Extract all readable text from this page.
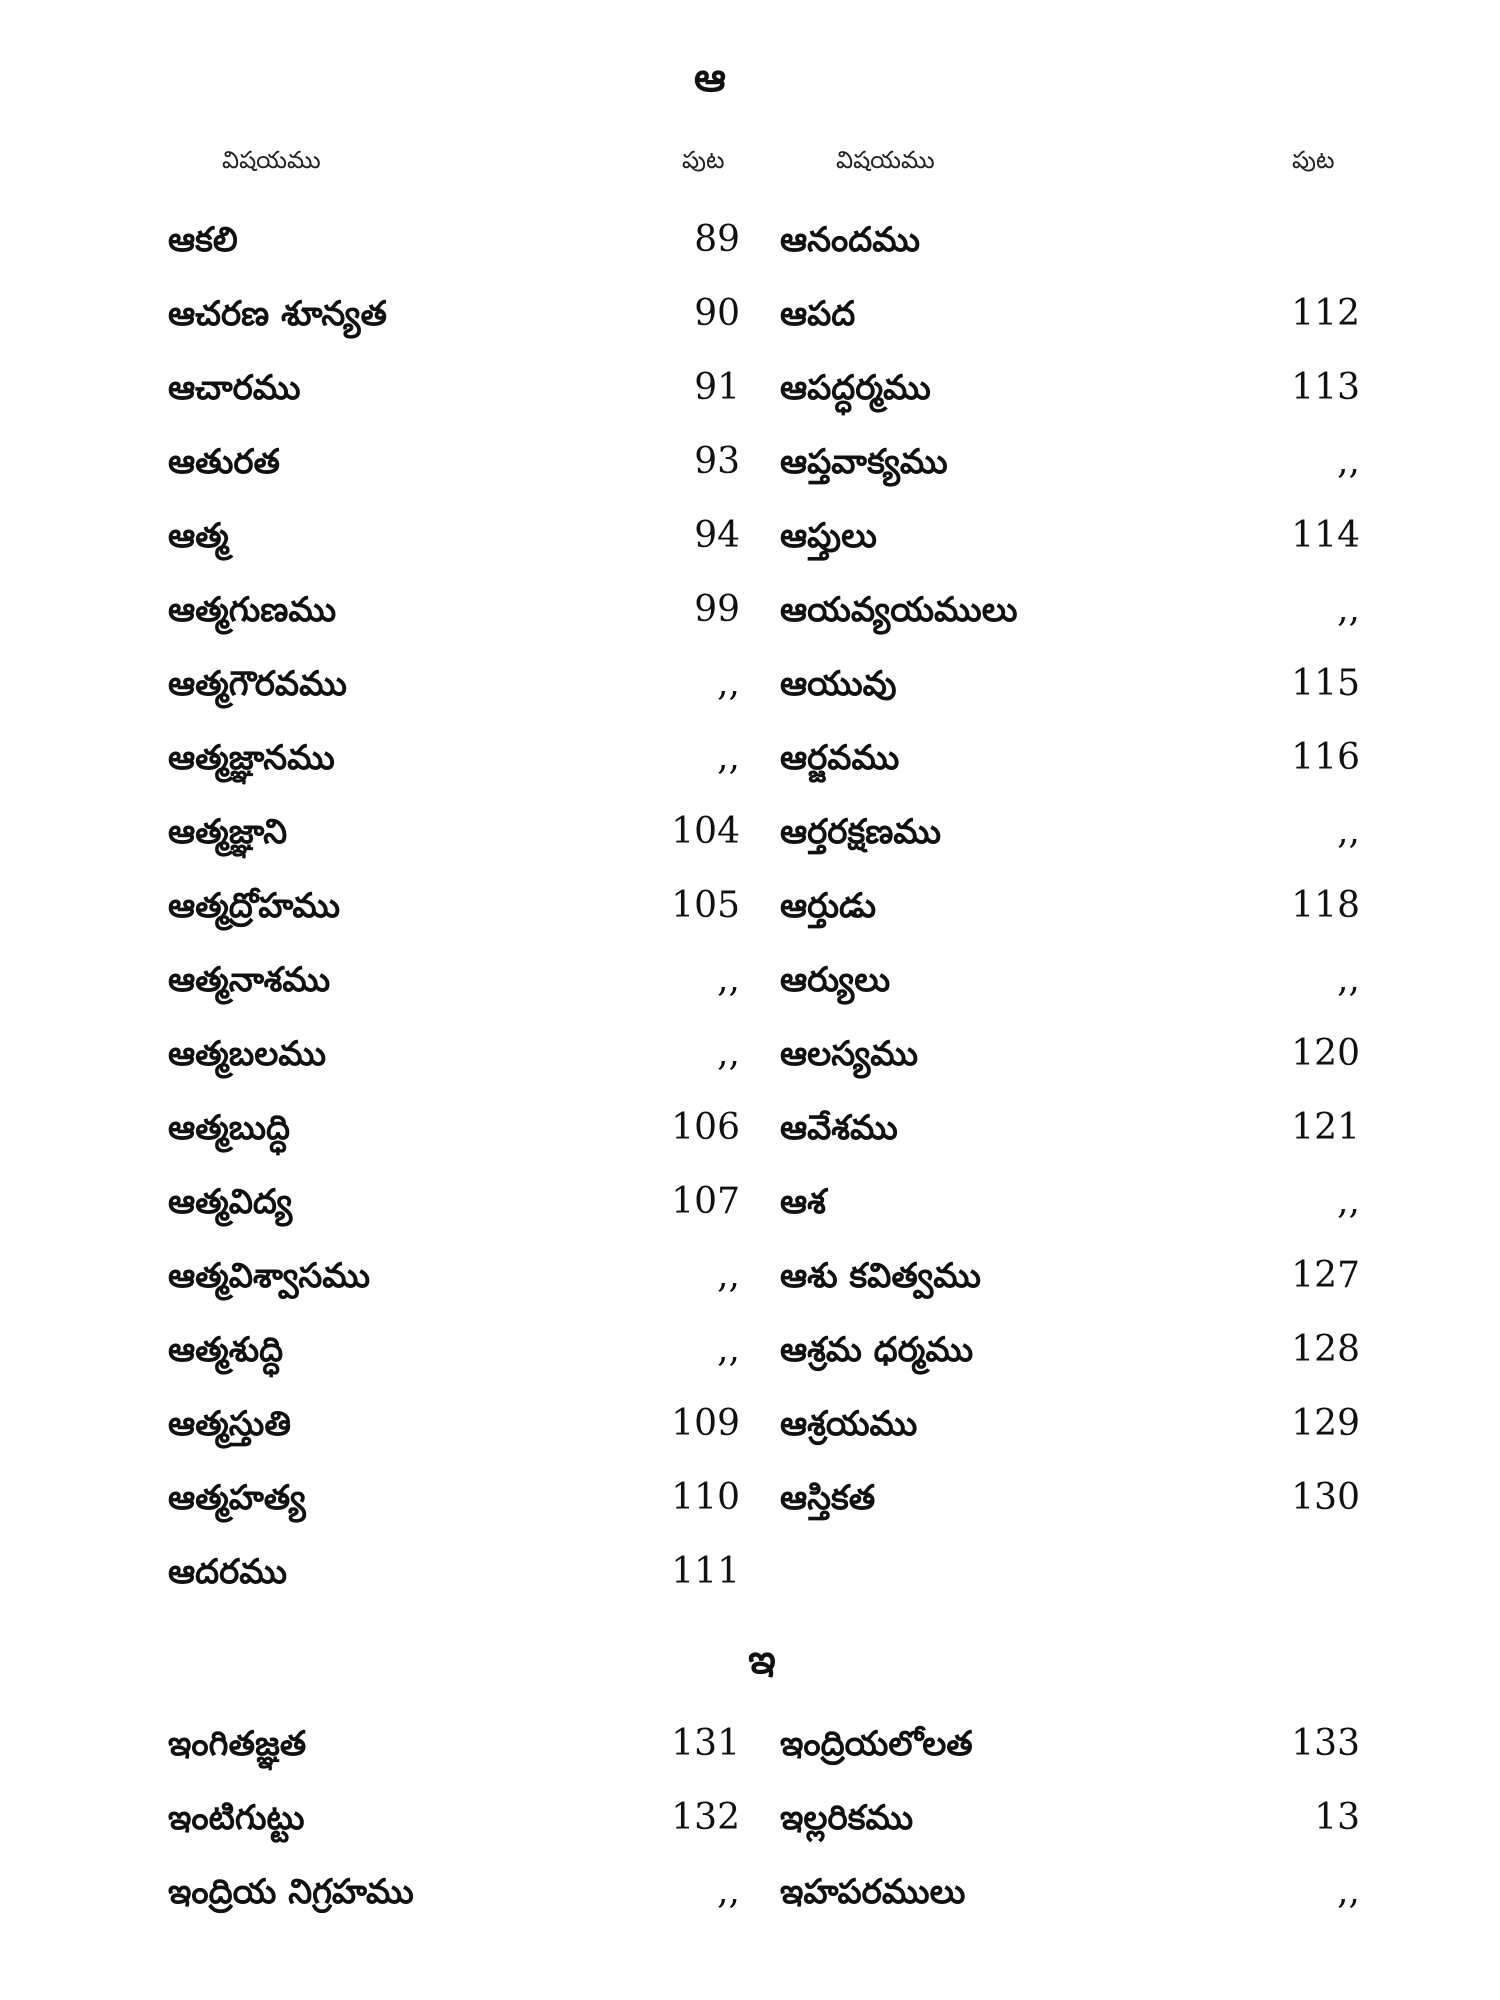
ఆ
విషయము	పుట	విషయము	పుట
ఆకలి	89 ఆనందము
ఆచరణ శూన్యత	90 ఆపద	112
ఆచారము	91 ఆపద్ధర్మము	113
ఆతురత	93 ఆప్తవాక్యము	,,
ఆత్మ	94 ఆప్తులు	114
ఆత్మగుణము	99 ఆయవ్యయములు	,,
ఆత్మగౌరవము	,, ఆయువు	115
ఆత్మజ్ఞానము	,, ఆర్జవము	116
ఆత్మజ్ఞాని	104 ఆర్తరక్షణము	,,
ఆత్మద్రోహము	105 ఆర్తుడు	118
ఆత్మనాశము	,, ఆర్యులు	,,
ఆత్మబలము	,, ఆలస్యము	120
ఆత్మబుద్ధి	106 ఆవేశము	121
ఆత్మవిద్య	107 ఆశ	,,
ఆత్మవిశ్వాసము	,, ఆశు కవిత్వము	127
ఆత్మశుద్ధి	,, ఆశ్రమ ధర్మము	128
ఆత్మస్తుతి	109 ఆశ్రయము	129
ఆత్మహత్య	110 ఆస్తికత	130
ఆదరము	111
ఇ
ఇంగితజ్ఞత	131 ఇంద్రియలోలత	133
ఇంటిగుట్టు	132 ఇల్లరికము	13
ఇంద్రియ నిగ్రహము	,, ఇహపరములు	,,
